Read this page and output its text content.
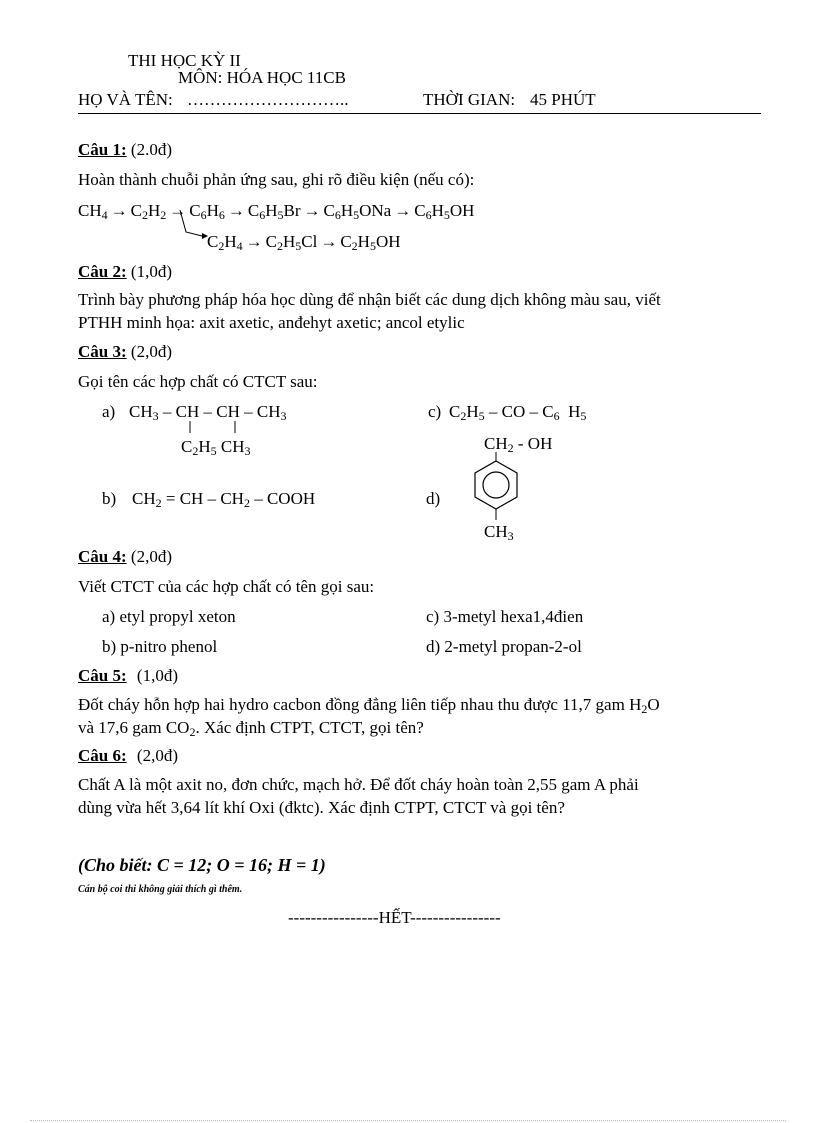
THI HỌC KỲ II
MÔN: HÓA HỌC 11CB
HỌ VÀ TÊN: ………………………..	THỜI GIAN: 45 PHÚT
Câu 1: (2.0đ)
Hoàn thành chuỗi phản ứng sau, ghi rõ điều kiện (nếu có):
$CH_4 \to C_2H_2 \to C_6H_6 \to C_6H_5Br \to C_6H_5ONa \to C_6H_5OH$
$C_2H_4 \to C_2H_5Cl \to C_2H_5OH$
Câu 2: (1,0đ)
Trình bày phương pháp hóa học dùng để nhận biết các dung dịch không màu sau, viết
PTHH minh họa: axit axetic, anđehyt axetic; ancol etylic
Câu 3: (2,0đ)
Gọi tên các hợp chất có CTCT sau:
a) $CH_3$ – CH – CH – $CH_3$
$C_2H_5$ $CH_3$
c) $C_2H_5$ – CO – $C_6$  $H_5$
$CH_2$ - OH
$CH_3$
d)
b) $CH_2$ = CH – $CH_2$ – COOH
Câu 4: (2,0đ)
Viết CTCT của các hợp chất có tên gọi sau:
a) etyl propyl xeton	c) 3-metyl hexa1,4đien
b) p-nitro phenol	d) 2-metyl propan-2-ol
Câu 5: (1,0đ)
Đốt cháy hỗn hợp hai hydro cacbon đồng đẳng liên tiếp nhau thu được 11,7 gam $H_2O$
và 17,6 gam $CO_2$. Xác định CTPT, CTCT, gọi tên?
Câu 6: (2,0đ)
Chất A là một axit no, đơn chức, mạch hở. Để đốt cháy hoàn toàn 2,55 gam A phải
dùng vừa hết 3,64 lít khí Oxi (đktc). Xác định CTPT, CTCT và gọi tên?
(Cho biết: C = 12; O = 16; H = 1)
Cán bộ coi thi không giải thích gì thêm.
----------------HẾT----------------
